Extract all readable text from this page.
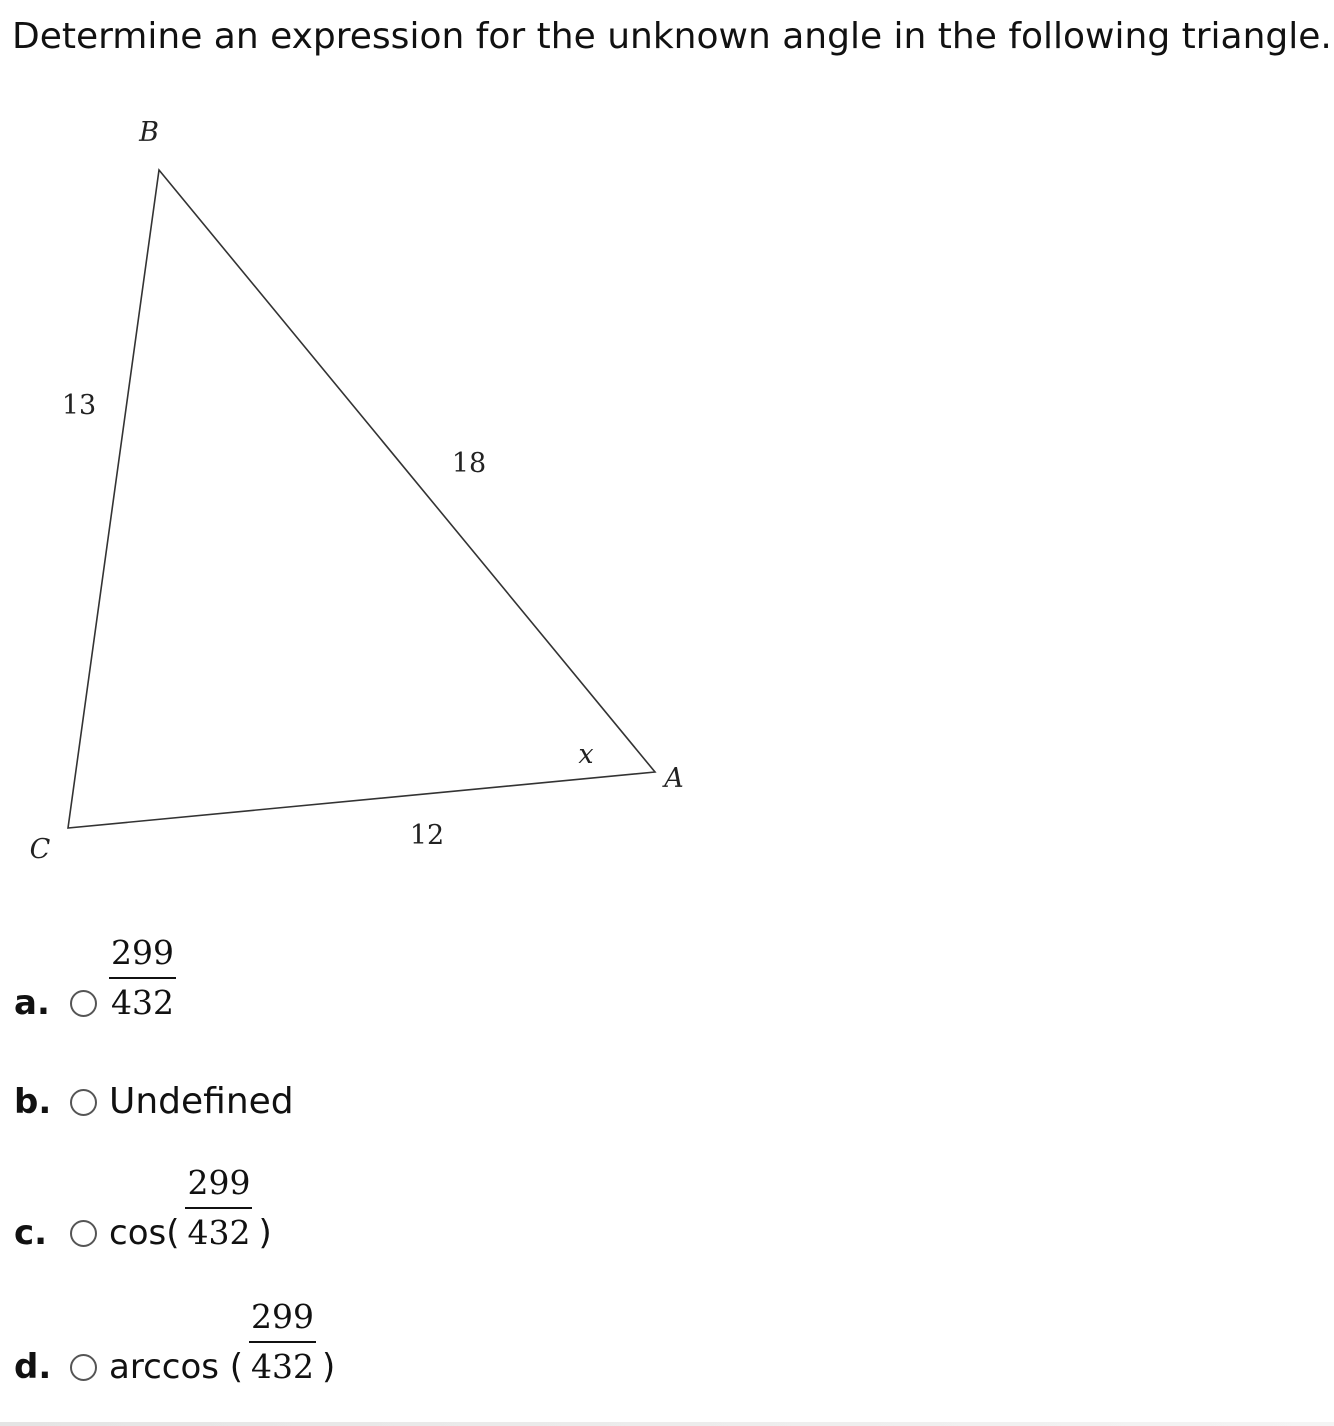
Determine an expression for the unknown angle in the following triangle.
B
C
A
13
18
12
x
a.	$\frac{299}{432}$
b.	Undefined
c.	$\cos( \frac{299}{432}$ )
d.	arccos ( $\frac{299}{432}$ )
